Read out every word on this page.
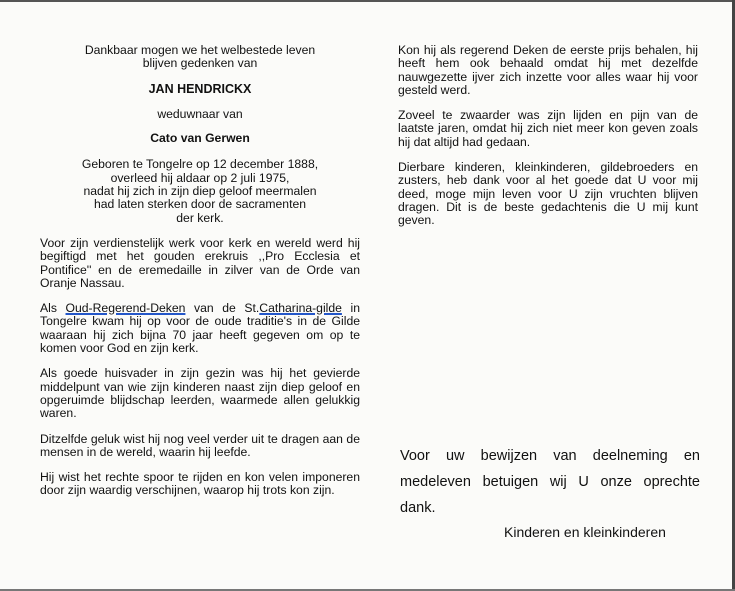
Dankbaar mogen we het welbestede leven
blijven gedenken van
JAN HENDRICKX
weduwnaar van
Cato van Gerwen
Geboren te Tongelre op 12 december 1888,
overleed hij aldaar op 2 juli 1975,
nadat hij zich in zijn diep geloof meermalen
had laten sterken door de sacramenten
der kerk.

Voor zijn verdienstelijk werk voor kerk en wereld werd hij begiftigd met het gouden erekruis ,,Pro Ecclesia et Pontifice'' en de eremedaille in zilver van de Orde van Oranje Nassau.

Als Oud-Regerend-Deken van de St.Catharina-gilde in Tongelre kwam hij op voor de oude traditie's in de Gilde waaraan hij zich bijna 70 jaar heeft gegeven om op te komen voor God en zijn kerk.

Als goede huisvader in zijn gezin was hij het gevierde middelpunt van wie zijn kinderen naast zijn diep geloof en opgeruimde blijdschap leerden, waarmede allen gelukkig waren.

Ditzelfde geluk wist hij nog veel verder uit te dragen aan de mensen in de wereld, waarin hij leefde.

Hij wist het rechte spoor te rijden en kon velen imponeren door zijn waardig verschijnen, waarop hij trots kon zijn.

Kon hij als regerend Deken de eerste prijs behalen, hij heeft hem ook behaald omdat hij met dezelfde nauwgezette ijver zich inzette voor alles waar hij voor gesteld werd.

Zoveel te zwaarder was zijn lijden en pijn van de laatste jaren, omdat hij zich niet meer kon geven zoals hij dat altijd had gedaan.

Dierbare kinderen, kleinkinderen, gildebroeders en zusters, heb dank voor al het goede dat U voor mij deed, moge mijn leven voor U zijn vruchten blijven dragen. Dit is de beste gedachtenis die U mij kunt geven.

Voor uw bewijzen van deelneming en medeleven betuigen wij U onze oprechte dank.
Kinderen en kleinkinderen
